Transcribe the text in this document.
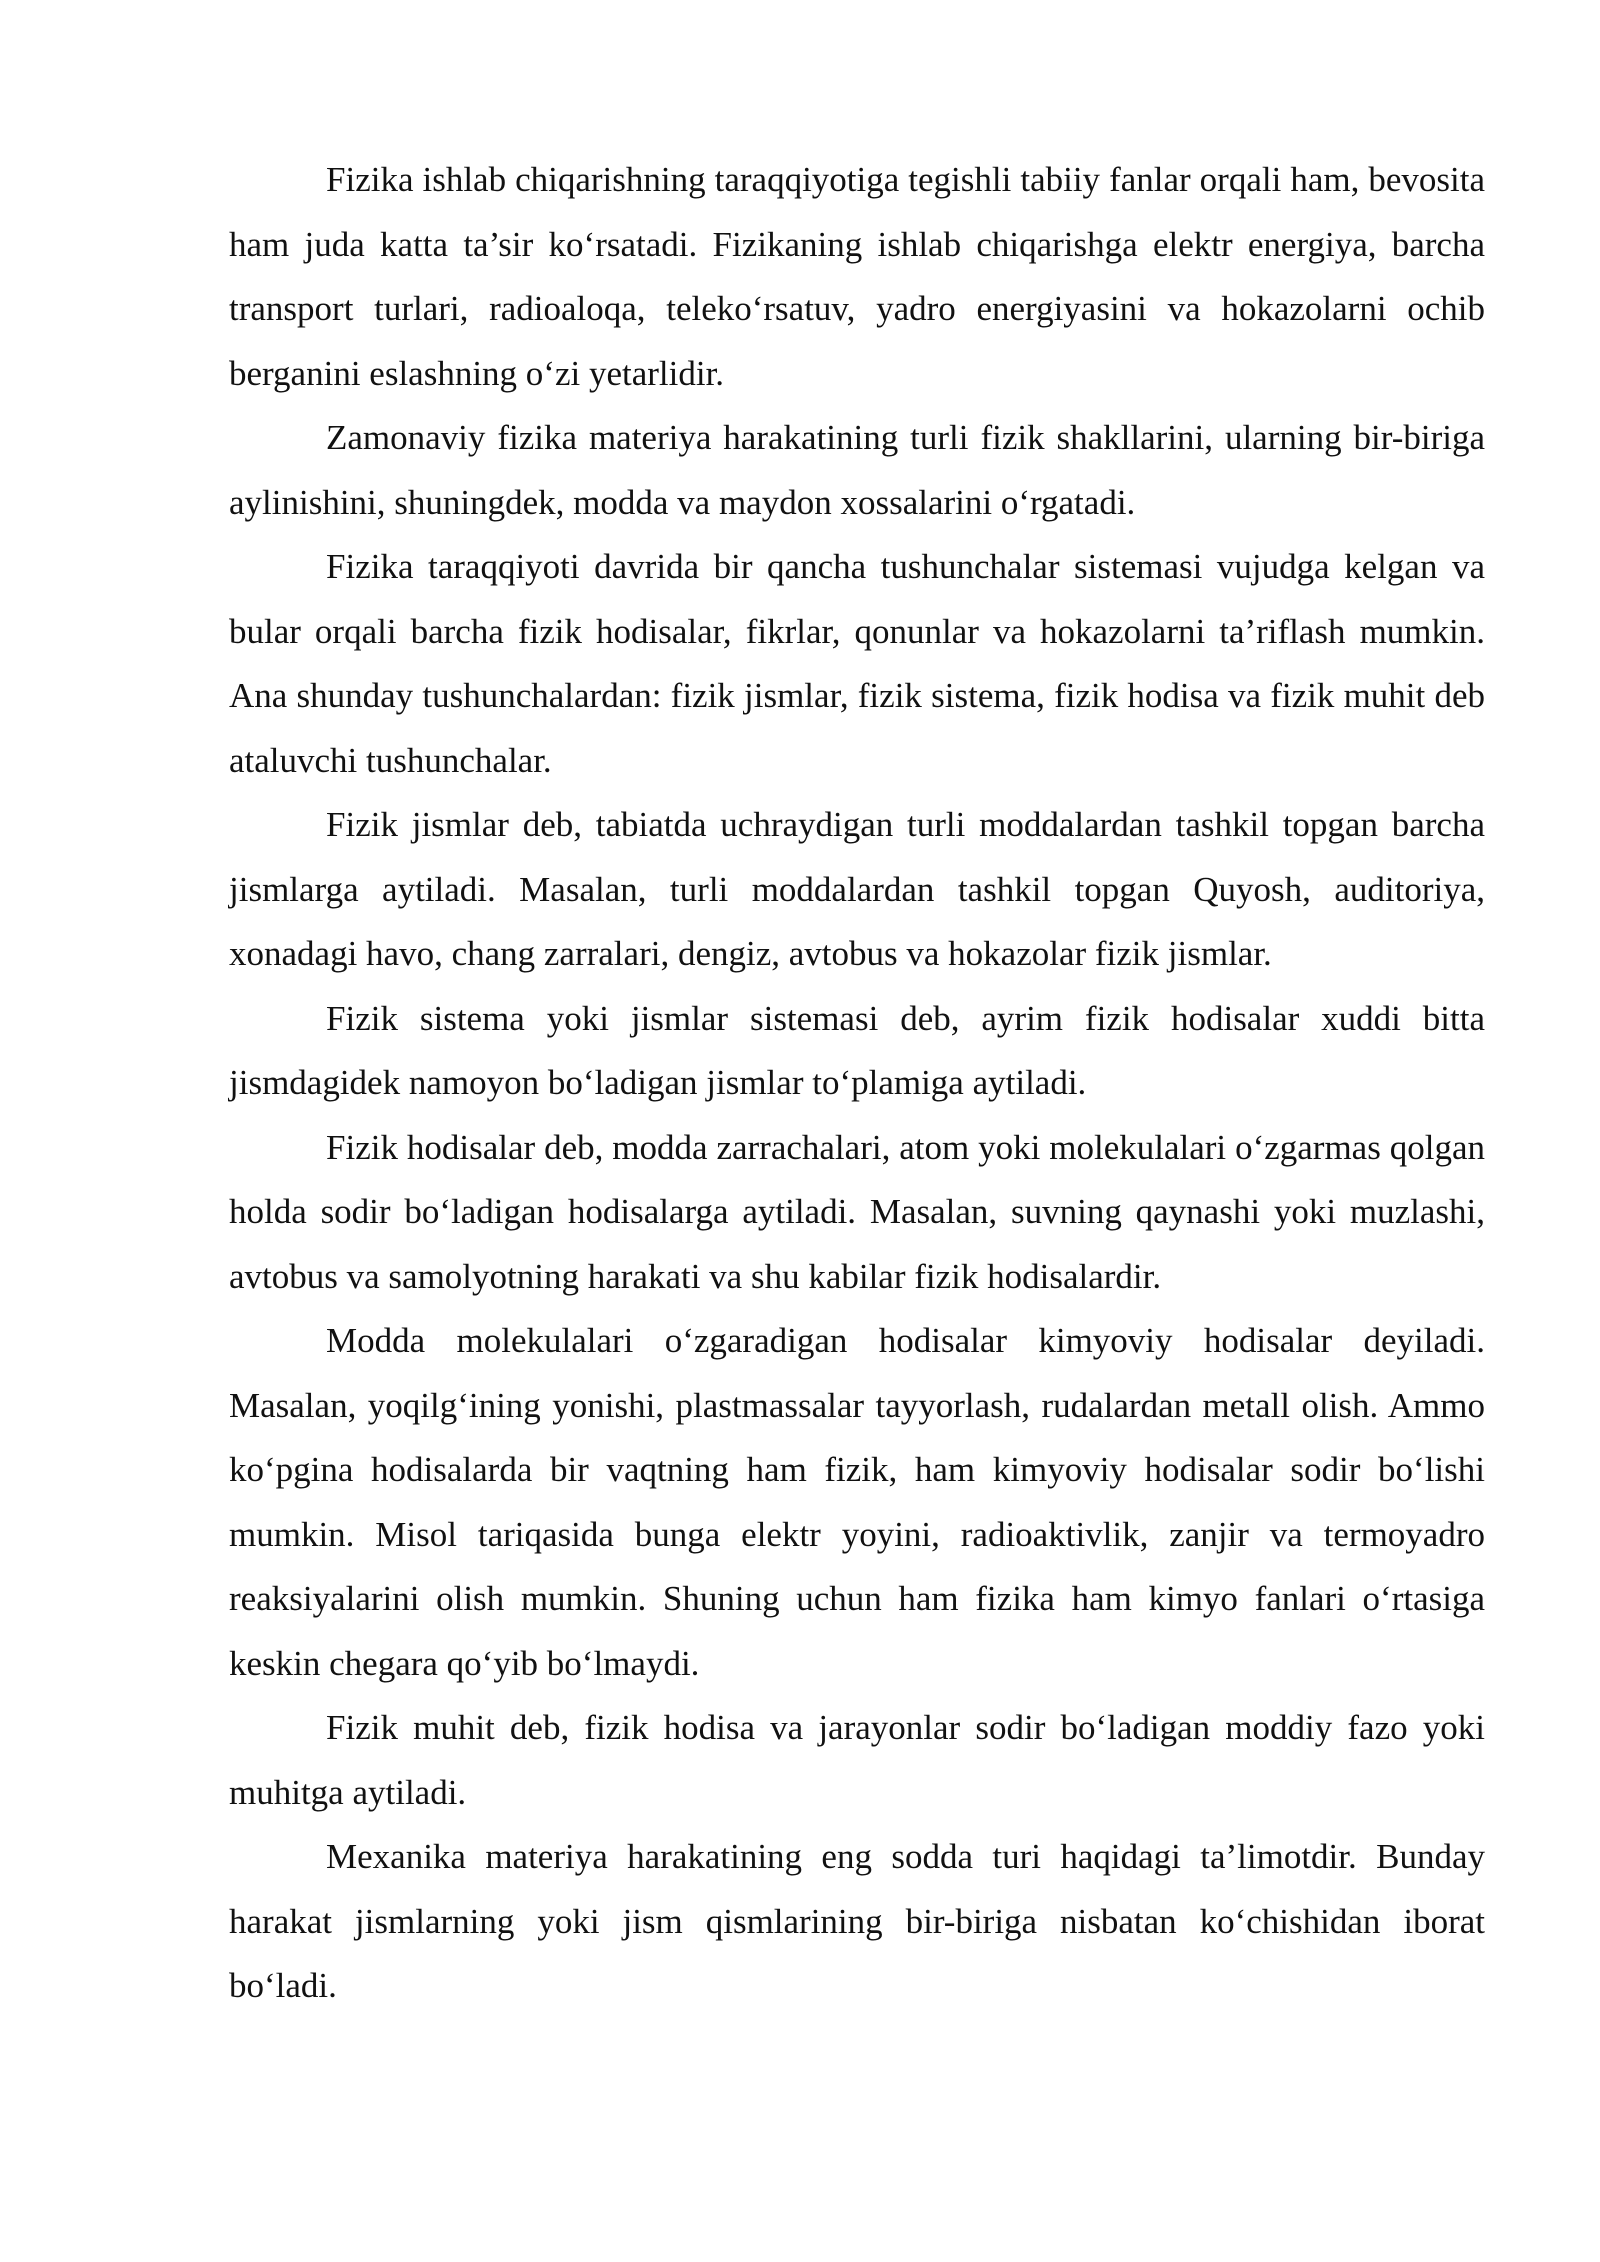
Fizika ishlab chiqarishning taraqqiyotiga tegishli tabiiy fanlar orqali ham, bevosita ham juda katta ta’sir ko‘rsatadi. Fizikaning ishlab chiqarishga elektr energiya, barcha transport turlari, radioaloqa, teleko‘rsatuv, yadro energiyasini va hokazolarni ochib berganini eslashning o‘zi yetarlidir.

Zamonaviy fizika materiya harakatining turli fizik shakllarini, ularning bir-biriga aylinishini, shuningdek, modda va maydon xossalarini o‘rgatadi.

Fizika taraqqiyoti davrida bir qancha tushunchalar sistemasi vujudga kelgan va bular orqali barcha fizik hodisalar, fikrlar, qonunlar va hokazolarni ta’riflash mumkin. Ana shunday tushunchalardan: fizik jismlar, fizik sistema, fizik hodisa va fizik muhit deb ataluvchi tushunchalar.

Fizik jismlar deb, tabiatda uchraydigan turli moddalardan tashkil topgan barcha jismlarga aytiladi. Masalan, turli moddalardan tashkil topgan Quyosh, auditoriya, xonadagi havo, chang zarralari, dengiz, avtobus va hokazolar fizik jismlar.

Fizik sistema yoki jismlar sistemasi deb, ayrim fizik hodisalar xuddi bitta jismdagidek namoyon bo‘ladigan jismlar to‘plamiga aytiladi.

Fizik hodisalar deb, modda zarrachalari, atom yoki molekulalari o‘zgarmas qolgan holda sodir bo‘ladigan hodisalarga aytiladi. Masalan, suvning qaynashi yoki muzlashi, avtobus va samolyotning harakati va shu kabilar fizik hodisalardir.

Modda molekulalari o‘zgaradigan hodisalar kimyoviy hodisalar deyiladi. Masalan, yoqilg‘ining yonishi, plastmassalar tayyorlash, rudalardan metall olish. Ammo ko‘pgina hodisalarda bir vaqtning ham fizik, ham kimyoviy hodisalar sodir bo‘lishi mumkin. Misol tariqasida bunga elektr yoyini, radioaktivlik, zanjir va termoyadro reaksiyalarini olish mumkin. Shuning uchun ham fizika ham kimyo fanlari o‘rtasiga keskin chegara qo‘yib bo‘lmaydi.

Fizik muhit deb, fizik hodisa va jarayonlar sodir bo‘ladigan moddiy fazo yoki muhitga aytiladi.

Mexanika materiya harakatining eng sodda turi haqidagi ta’limotdir. Bunday harakat jismlarning yoki jism qismlarining bir-biriga nisbatan ko‘chishidan iborat bo‘ladi.
